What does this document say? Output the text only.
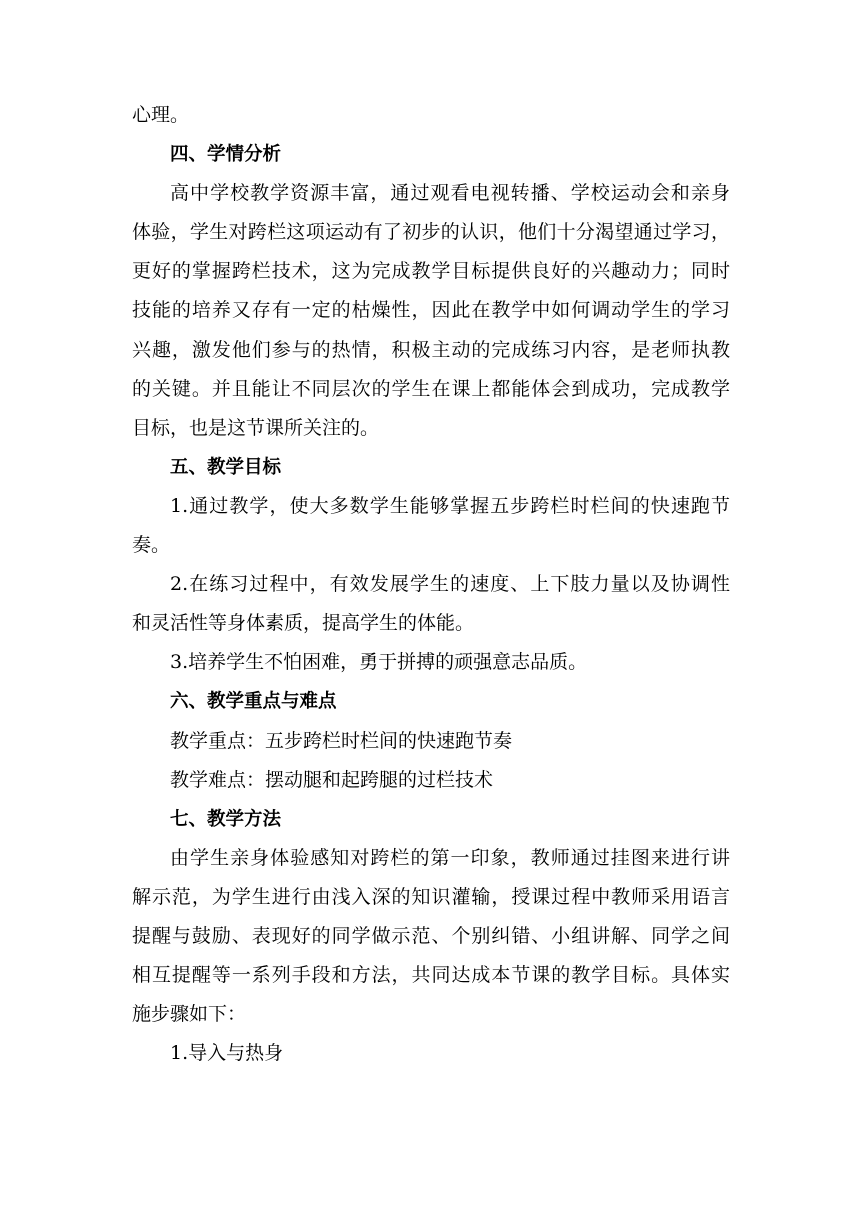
心理。

四、学情分析

高中学校教学资源丰富，通过观看电视转播、学校运动会和亲身

体验，学生对跨栏这项运动有了初步的认识，他们十分渴望通过学习，

更好的掌握跨栏技术，这为完成教学目标提供良好的兴趣动力；同时

技能的培养又存有一定的枯燥性，因此在教学中如何调动学生的学习

兴趣，激发他们参与的热情，积极主动的完成练习内容，是老师执教

的关键。并且能让不同层次的学生在课上都能体会到成功，完成教学

目标，也是这节课所关注的。

五、教学目标

1.通过教学，使大多数学生能够掌握五步跨栏时栏间的快速跑节

奏。

2.在练习过程中，有效发展学生的速度、上下肢力量以及协调性

和灵活性等身体素质，提高学生的体能。

3.培养学生不怕困难，勇于拼搏的顽强意志品质。

六、教学重点与难点

教学重点：五步跨栏时栏间的快速跑节奏

教学难点：摆动腿和起跨腿的过栏技术

七、教学方法

由学生亲身体验感知对跨栏的第一印象，教师通过挂图来进行讲

解示范，为学生进行由浅入深的知识灌输，授课过程中教师采用语言

提醒与鼓励、表现好的同学做示范、个别纠错、小组讲解、同学之间

相互提醒等一系列手段和方法，共同达成本节课的教学目标。具体实

施步骤如下：

1.导入与热身
